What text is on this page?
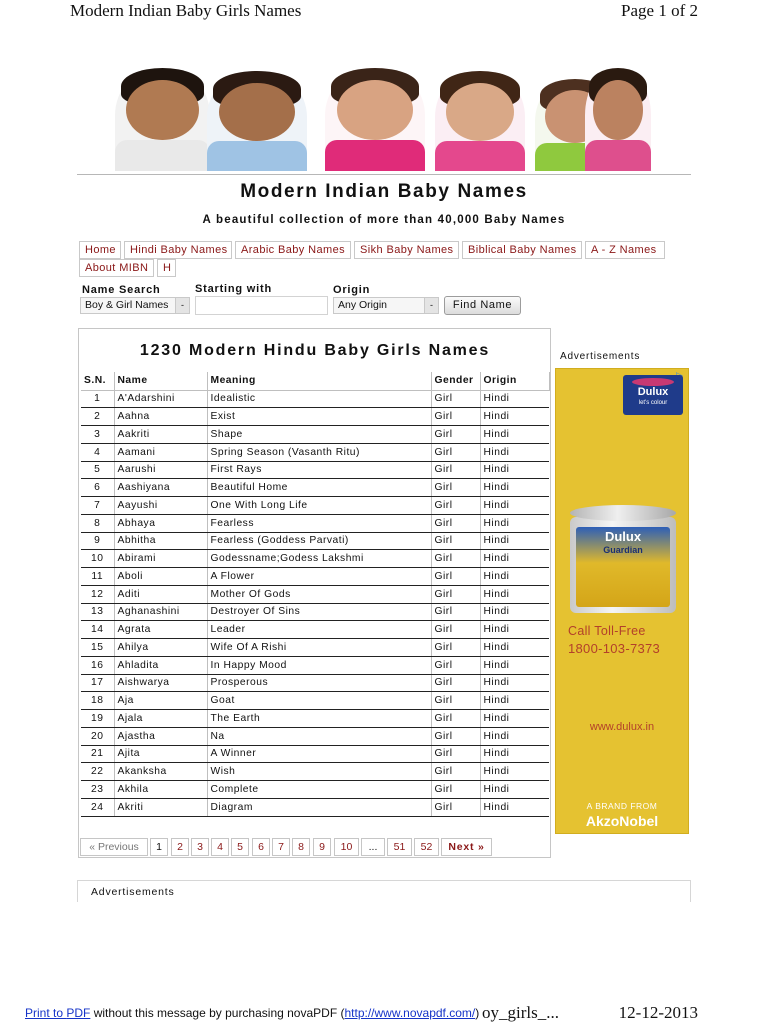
Modern Indian Baby Girls Names	Page 1 of 2
Modern Indian Baby Names
A beautiful collection of more than 40,000 Baby Names
Home	Hindi Baby Names	Arabic Baby Names	Sikh Baby Names	Biblical Baby Names	A - Z Names
About MIBN	H
Name Search	Starting with	Origin
Boy & Girl Names	-	Any Origin	-	Find Name
1230 Modern Hindu Baby Girls Names
S.N.	Name	Meaning	Gender	Origin
1	A'Adarshini	Idealistic	Girl	Hindi
2	Aahna	Exist	Girl	Hindi
3	Aakriti	Shape	Girl	Hindi
4	Aamani	Spring Season (Vasanth Ritu)	Girl	Hindi
5	Aarushi	First Rays	Girl	Hindi
6	Aashiyana	Beautiful Home	Girl	Hindi
7	Aayushi	One With Long Life	Girl	Hindi
8	Abhaya	Fearless	Girl	Hindi
9	Abhitha	Fearless (Goddess Parvati)	Girl	Hindi
10	Abirami	Godessname;Godess Lakshmi	Girl	Hindi
11	Aboli	A Flower	Girl	Hindi
12	Aditi	Mother Of Gods	Girl	Hindi
13	Aghanashini	Destroyer Of Sins	Girl	Hindi
14	Agrata	Leader	Girl	Hindi
15	Ahilya	Wife Of A Rishi	Girl	Hindi
16	Ahladita	In Happy Mood	Girl	Hindi
17	Aishwarya	Prosperous	Girl	Hindi
18	Aja	Goat	Girl	Hindi
19	Ajala	The Earth	Girl	Hindi
20	Ajastha	Na	Girl	Hindi
21	Ajita	A Winner	Girl	Hindi
22	Akanksha	Wish	Girl	Hindi
23	Akhila	Complete	Girl	Hindi
24	Akriti	Diagram	Girl	Hindi
« Previous	1	2	3	4	5	6	7	8	9	10	...	51	52	Next »
Advertisements
Dulux
let's colour
Dulux
Guardian
Call Toll-Free
1800-103-7373
www.dulux.in
A BRAND FROM
AkzoNobel
Advertisements
oy_girls_...	12-12-2013
Print to PDF without this message by purchasing novaPDF (http://www.novapdf.com/)
